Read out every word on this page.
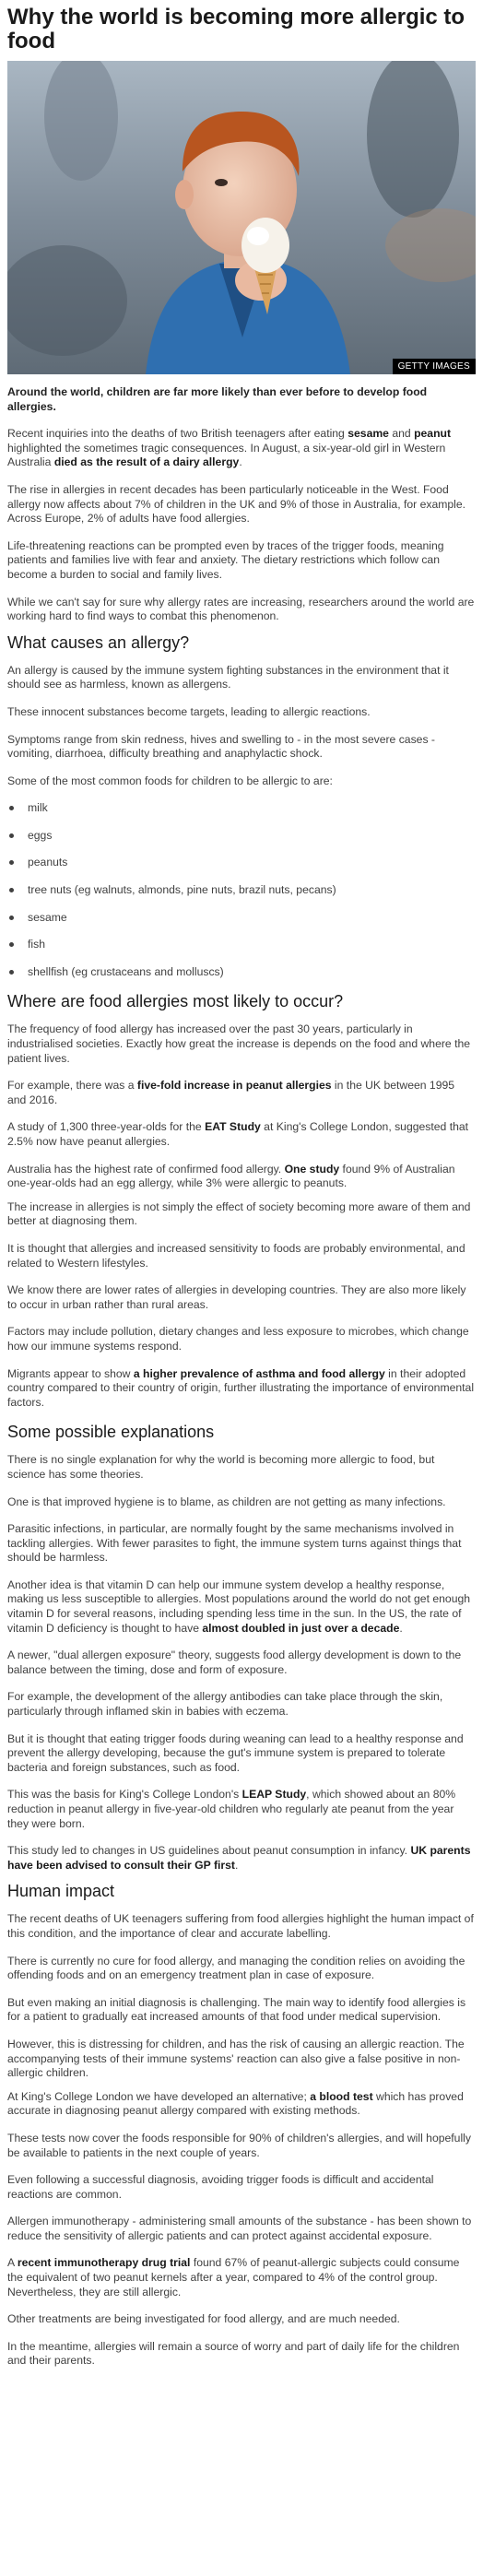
Why the world is becoming more allergic to food
GETTY IMAGES

Around the world, children are far more likely than ever before to develop food allergies.

Recent inquiries into the deaths of two British teenagers after eating sesame and peanut highlighted the sometimes tragic consequences. In August, a six-year-old girl in Western Australia died as the result of a dairy allergy.

The rise in allergies in recent decades has been particularly noticeable in the West. Food allergy now affects about 7% of children in the UK and 9% of those in Australia, for example. Across Europe, 2% of adults have food allergies.

Life-threatening reactions can be prompted even by traces of the trigger foods, meaning patients and families live with fear and anxiety. The dietary restrictions which follow can become a burden to social and family lives.

While we can't say for sure why allergy rates are increasing, researchers around the world are working hard to find ways to combat this phenomenon.

What causes an allergy?

An allergy is caused by the immune system fighting substances in the environment that it should see as harmless, known as allergens.

These innocent substances become targets, leading to allergic reactions.

Symptoms range from skin redness, hives and swelling to - in the most severe cases - vomiting, diarrhoea, difficulty breathing and anaphylactic shock.

Some of the most common foods for children to be allergic to are:

milk
eggs
peanuts
tree nuts (eg walnuts, almonds, pine nuts, brazil nuts, pecans)
sesame
fish
shellfish (eg crustaceans and molluscs)
Where are food allergies most likely to occur?

The frequency of food allergy has increased over the past 30 years, particularly in industrialised societies. Exactly how great the increase is depends on the food and where the patient lives.

For example, there was a five-fold increase in peanut allergies in the UK between 1995 and 2016.

A study of 1,300 three-year-olds for the EAT Study at King's College London, suggested that 2.5% now have peanut allergies.

Australia has the highest rate of confirmed food allergy. One study found 9% of Australian one-year-olds had an egg allergy, while 3% were allergic to peanuts.

The increase in allergies is not simply the effect of society becoming more aware of them and better at diagnosing them.

It is thought that allergies and increased sensitivity to foods are probably environmental, and related to Western lifestyles.

We know there are lower rates of allergies in developing countries. They are also more likely to occur in urban rather than rural areas.

Factors may include pollution, dietary changes and less exposure to microbes, which change how our immune systems respond.

Migrants appear to show a higher prevalence of asthma and food allergy in their adopted country compared to their country of origin, further illustrating the importance of environmental factors.

Some possible explanations

There is no single explanation for why the world is becoming more allergic to food, but science has some theories.

One is that improved hygiene is to blame, as children are not getting as many infections.

Parasitic infections, in particular, are normally fought by the same mechanisms involved in tackling allergies. With fewer parasites to fight, the immune system turns against things that should be harmless.

Another idea is that vitamin D can help our immune system develop a healthy response, making us less susceptible to allergies. Most populations around the world do not get enough vitamin D for several reasons, including spending less time in the sun. In the US, the rate of vitamin D deficiency is thought to have almost doubled in just over a decade.

A newer, "dual allergen exposure" theory, suggests food allergy development is down to the balance between the timing, dose and form of exposure.

For example, the development of the allergy antibodies can take place through the skin, particularly through inflamed skin in babies with eczema.

But it is thought that eating trigger foods during weaning can lead to a healthy response and prevent the allergy developing, because the gut's immune system is prepared to tolerate bacteria and foreign substances, such as food.

This was the basis for King's College London's LEAP Study, which showed about an 80% reduction in peanut allergy in five-year-old children who regularly ate peanut from the year they were born.

This study led to changes in US guidelines about peanut consumption in infancy. UK parents have been advised to consult their GP first.

Human impact

The recent deaths of UK teenagers suffering from food allergies highlight the human impact of this condition, and the importance of clear and accurate labelling.

There is currently no cure for food allergy, and managing the condition relies on avoiding the offending foods and on an emergency treatment plan in case of exposure.

But even making an initial diagnosis is challenging. The main way to identify food allergies is for a patient to gradually eat increased amounts of that food under medical supervision.

However, this is distressing for children, and has the risk of causing an allergic reaction. The accompanying tests of their immune systems' reaction can also give a false positive in non-allergic children.

At King's College London we have developed an alternative; a blood test which has proved accurate in diagnosing peanut allergy compared with existing methods.

These tests now cover the foods responsible for 90% of children's allergies, and will hopefully be available to patients in the next couple of years.

Even following a successful diagnosis, avoiding trigger foods is difficult and accidental reactions are common.

Allergen immunotherapy - administering small amounts of the substance - has been shown to reduce the sensitivity of allergic patients and can protect against accidental exposure.

A recent immunotherapy drug trial found 67% of peanut-allergic subjects could consume the equivalent of two peanut kernels after a year, compared to 4% of the control group. Nevertheless, they are still allergic.

Other treatments are being investigated for food allergy, and are much needed.

In the meantime, allergies will remain a source of worry and part of daily life for the children and their parents.
